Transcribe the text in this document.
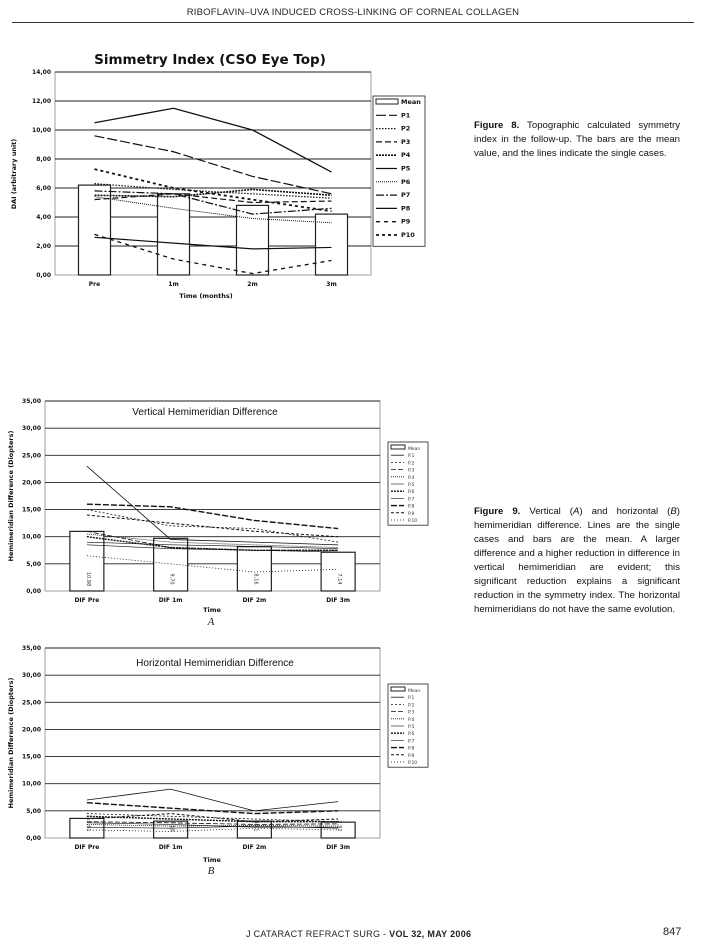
RIBOFLAVIN–UVA INDUCED CROSS-LINKING OF CORNEAL COLLAGEN
Simmetry Index (CSO Eye Top)
0,00
2,00
4,00
6,00
8,00
10,00
12,00
14,00
Pre	1m	2m	3m
Time (months)
DAI (arbitrary unit)
Mean
P1
P2
P3
P4
P5
P6
P7
P8
P9
P10
Figure 8. Topographic calculated symmetry index in the follow-up. The bars are the mean value, and the lines indicate the single cases.
Vertical Hemimeridian Difference
0,00
5,00
10,00
15,00
20,00
25,00
30,00
35,00
DIF Pre	DIF 1m	DIF 2m	DIF 3m
10,98	9,70	8,16	7,14
Time
Hemimeridian Difference (Diopters)
A
Mean
P.1
P.2
P.3
P.4
P.5
P.6
P.7
P.8
P.9
P.10
Figure 9. Vertical (A) and horizontal (B) hemimeridian difference. Lines are the single cases and bars are the mean. A larger difference and a higher reduction in difference in vertical hemimeridian are evident; this significant reduction explains a significant reduction in the symmetry index. The horizontal hemimeridians do not have the same evolution.
Horizontal Hemimeridian Difference
0,00
5,00
10,00
15,00
20,00
25,00
30,00
35,00
DIF Pre	DIF 1m	DIF 2m	DIF 3m
3,61	3,10	3,11	2,92
Time
Hemimeridian Difference (Diopters)
B
Mean
P.1
P.2
P.3
P.4
P.5
P.6
P.7
P.8
P.9
P.10
J CATARACT REFRACT SURG - VOL 32, MAY 2006	847
